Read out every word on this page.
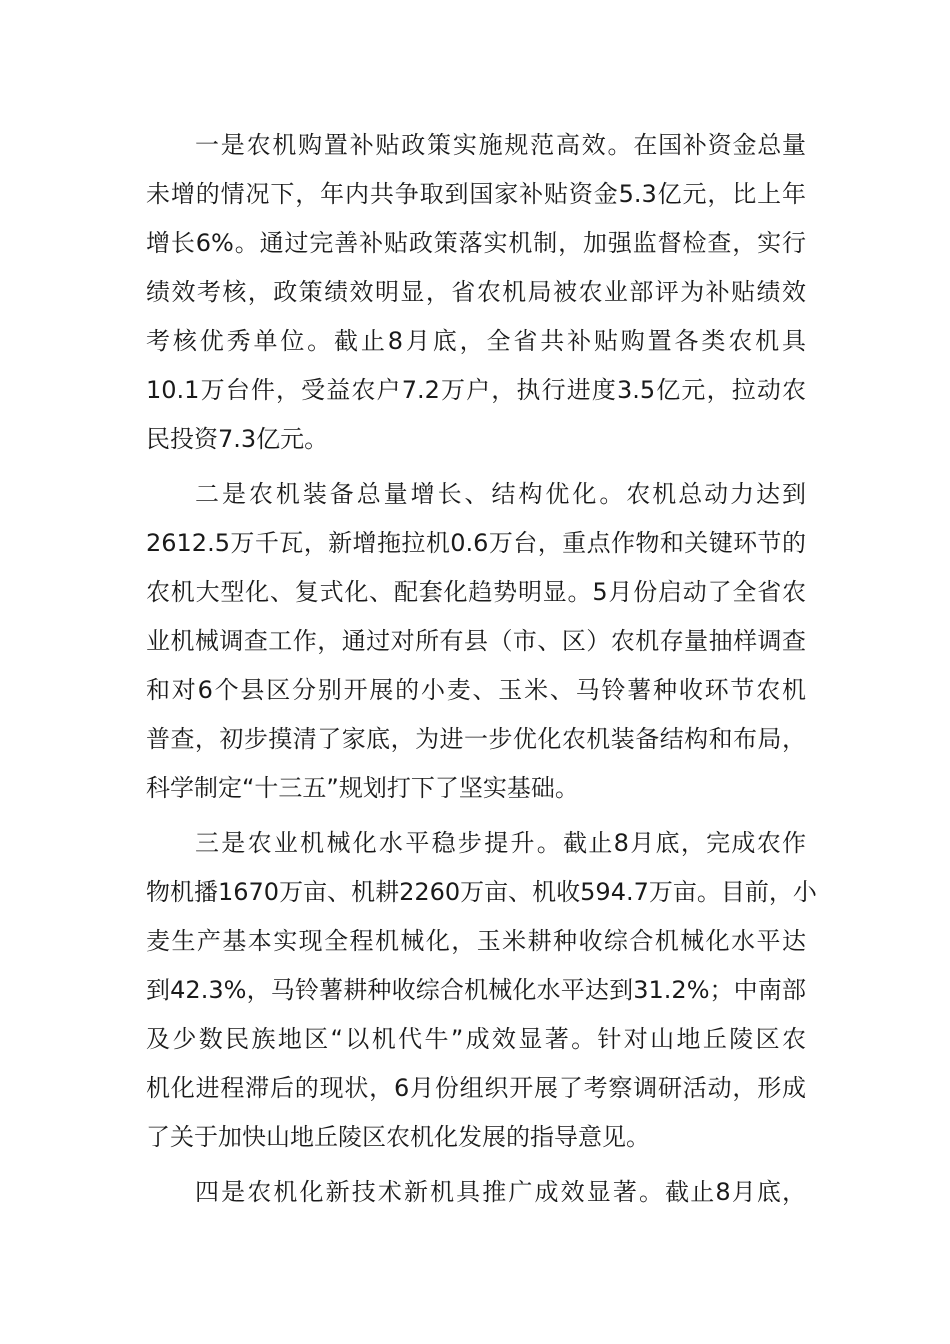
一是农机购置补贴政策实施规范高效。在国补资金总量
未增的情况下，年内共争取到国家补贴资金5.3亿元，比上年
增长6%。通过完善补贴政策落实机制，加强监督检查，实行
绩效考核，政策绩效明显，省农机局被农业部评为补贴绩效
考核优秀单位。截止8月底，全省共补贴购置各类农机具
10.1万台件，受益农户7.2万户，执行进度3.5亿元，拉动农
民投资7.3亿元。
二是农机装备总量增长、结构优化。农机总动力达到
2612.5万千瓦，新增拖拉机0.6万台，重点作物和关键环节的
农机大型化、复式化、配套化趋势明显。5月份启动了全省农
业机械调查工作，通过对所有县（市、区）农机存量抽样调查
和对6个县区分别开展的小麦、玉米、马铃薯种收环节农机
普查，初步摸清了家底，为进一步优化农机装备结构和布局，
科学制定“十三五”规划打下了坚实基础。
三是农业机械化水平稳步提升。截止8月底，完成农作
物机播1670万亩、机耕2260万亩、机收594.7万亩。目前，小
麦生产基本实现全程机械化，玉米耕种收综合机械化水平达
到42.3%，马铃薯耕种收综合机械化水平达到31.2%；中南部
及少数民族地区“以机代牛”成效显著。针对山地丘陵区农
机化进程滞后的现状，6月份组织开展了考察调研活动，形成
了关于加快山地丘陵区农机化发展的指导意见。
四是农机化新技术新机具推广成效显著。截止8月底，
